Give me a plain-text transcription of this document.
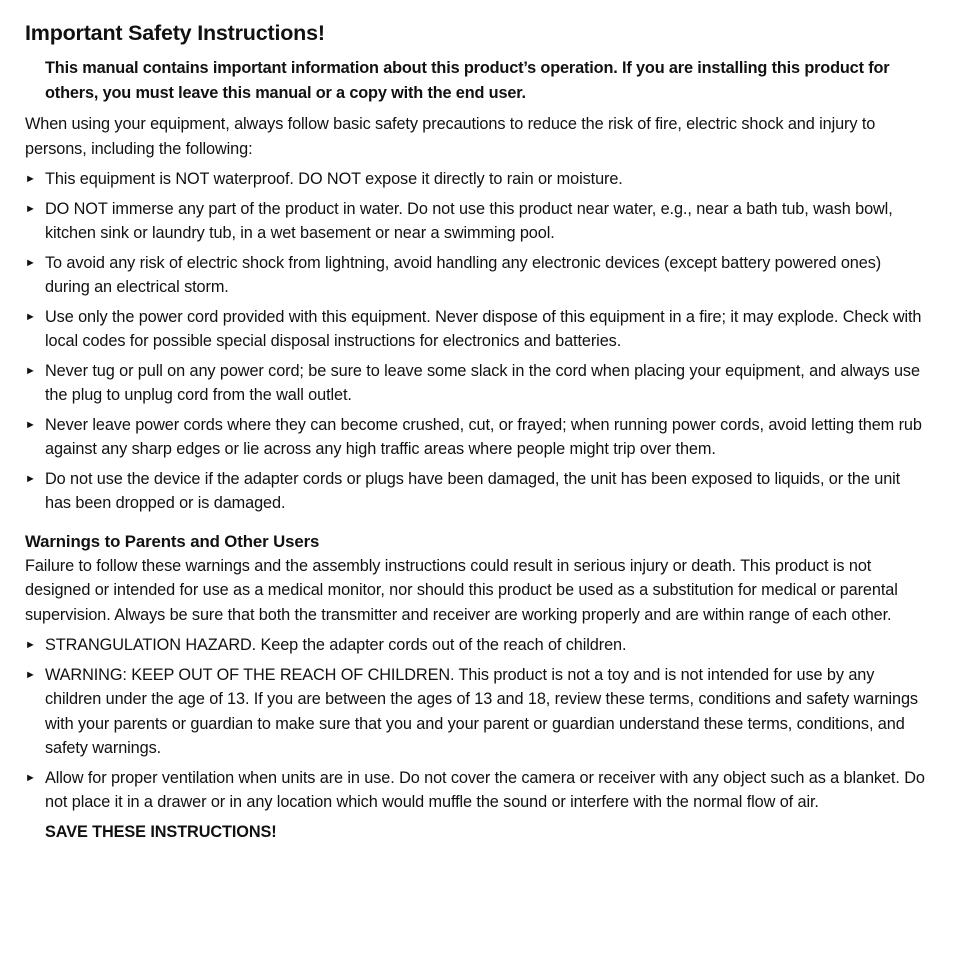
Important Safety Instructions!
This manual contains important information about this product’s operation. If you are installing this product for others, you must leave this manual or a copy with the end user.

When using your equipment, always follow basic safety precautions to reduce the risk of fire, electric shock and injury to persons, including the following:

► This equipment is NOT waterproof. DO NOT expose it directly to rain or moisture.
► DO NOT immerse any part of the product in water. Do not use this product near water, e.g., near a bath tub, wash bowl, kitchen sink or laundry tub, in a wet basement or near a swimming pool.
► To avoid any risk of electric shock from lightning, avoid handling any electronic devices (except battery powered ones) during an electrical storm.
► Use only the power cord provided with this equipment. Never dispose of this equipment in a fire; it may explode. Check with local codes for possible special disposal instructions for electronics and batteries.
► Never tug or pull on any power cord; be sure to leave some slack in the cord when placing your equipment, and always use the plug to unplug cord from the wall outlet.
► Never leave power cords where they can become crushed, cut, or frayed; when running power cords, avoid letting them rub against any sharp edges or lie across any high traffic areas where people might trip over them.
► Do not use the device if the adapter cords or plugs have been damaged, the unit has been exposed to liquids, or the unit has been dropped or is damaged.
Warnings to Parents and Other Users

Failure to follow these warnings and the assembly instructions could result in serious injury or death. This product is not designed or intended for use as a medical monitor, nor should this product be used as a substitution for medical or parental supervision. Always be sure that both the transmitter and receiver are working properly and are within range of each other.

► STRANGULATION HAZARD. Keep the adapter cords out of the reach of children.
► WARNING: KEEP OUT OF THE REACH OF CHILDREN. This product is not a toy and is not intended for use by any children under the age of 13. If you are between the ages of 13 and 18, review these terms, conditions and safety warnings with your parents or guardian to make sure that you and your parent or guardian understand these terms, conditions, and safety warnings.
► Allow for proper ventilation when units are in use. Do not cover the camera or receiver with any object such as a blanket. Do not place it in a drawer or in any location which would muffle the sound or interfere with the normal flow of air.
SAVE THESE INSTRUCTIONS!
